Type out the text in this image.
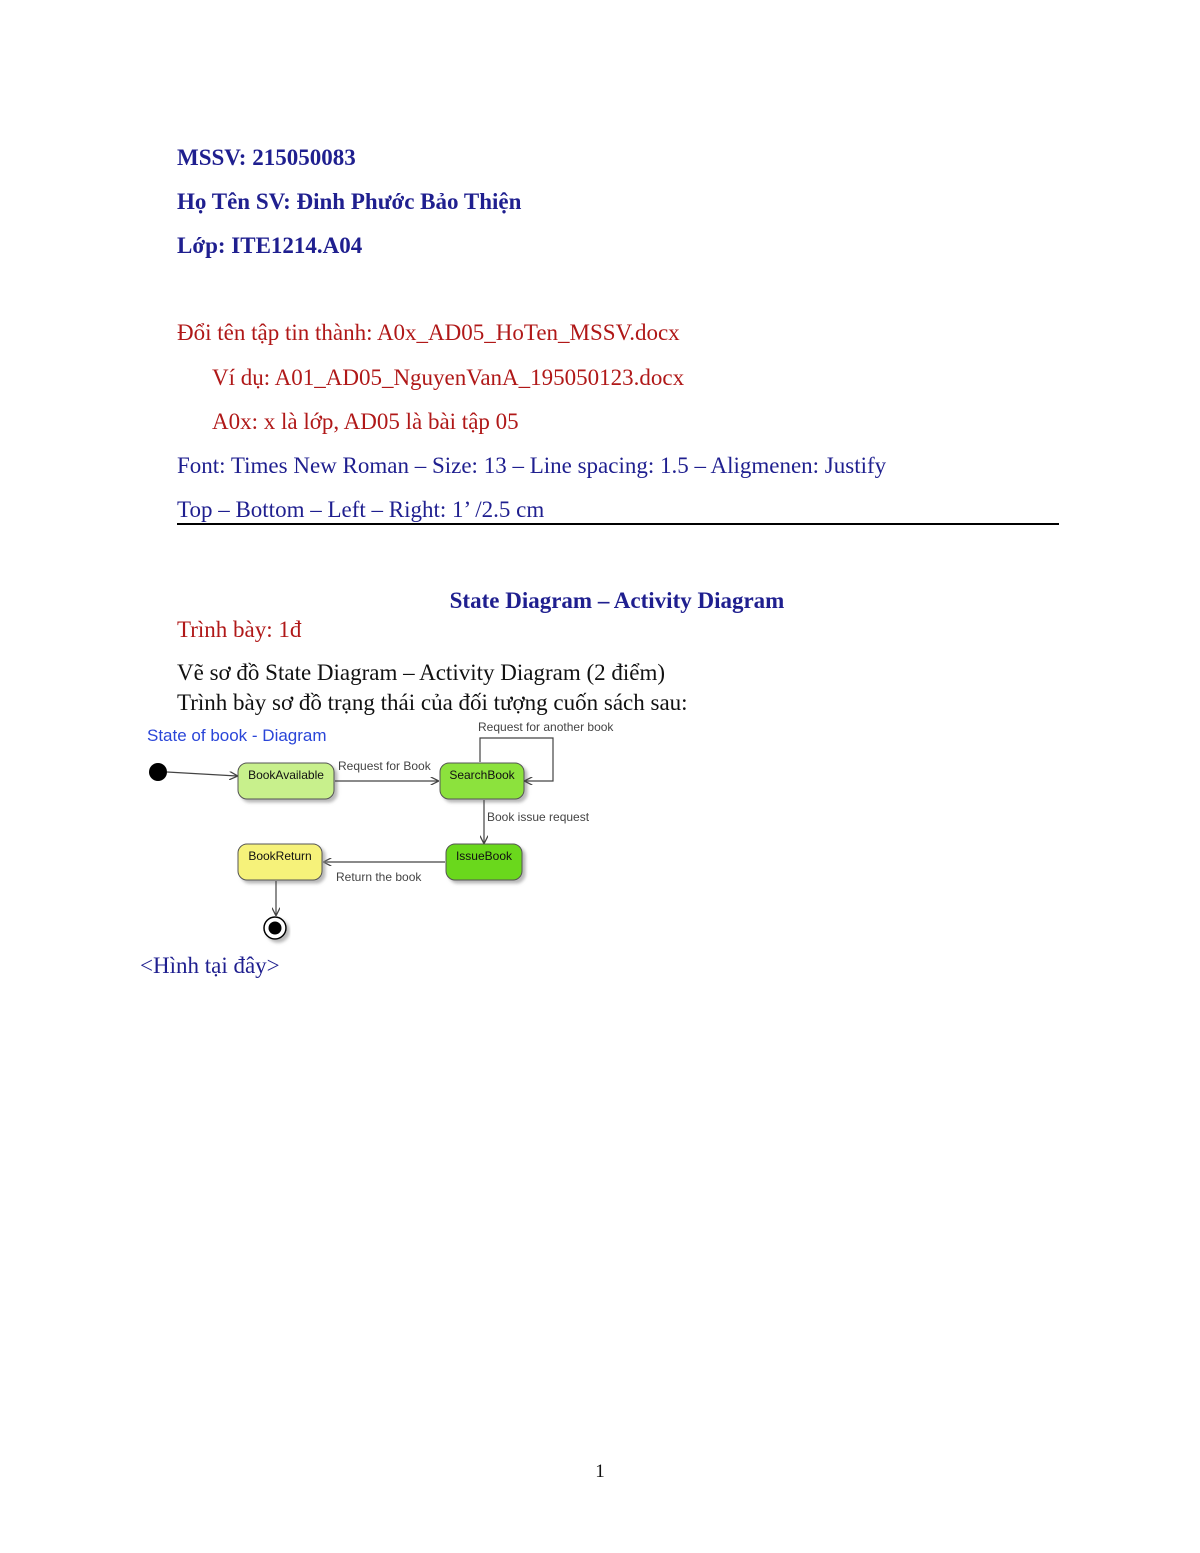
MSSV: 215050083
Họ Tên SV: Đinh Phước Bảo Thiện
Lớp: ITE1214.A04
Đổi tên tập tin thành: A0x_AD05_HoTen_MSSV.docx
Ví dụ: A01_AD05_NguyenVanA_195050123.docx
A0x: x là lớp, AD05 là bài tập 05
Font: Times New Roman – Size: 13 – Line spacing: 1.5 – Aligmenen: Justify
Top – Bottom – Left – Right: 1’ /2.5 cm
State Diagram – Activity Diagram
Trình bày: 1đ
Vẽ sơ đồ State Diagram – Activity Diagram (2 điểm)
Trình bày sơ đồ trạng thái của đối tượng cuốn sách sau:
State of book - Diagram
BookAvailable
Request for Book
SearchBook
Request for another book
Book issue request
IssueBook
Return the book
BookReturn
<Hình tại đây>
1
